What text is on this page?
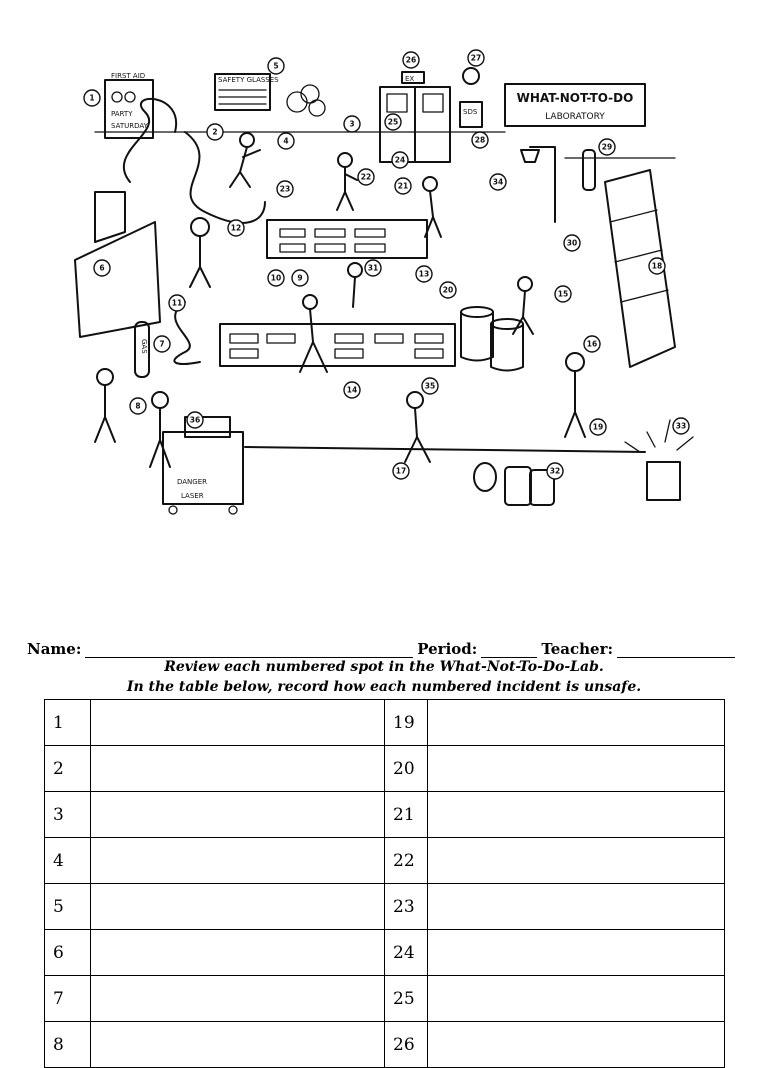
FIRST AID
PARTY
SATURDAY
SAFETY GLASSES	EX
SDS
WHAT-NOT-TO-DO
LABORATORY
GAS
DANGER
LASER
1
2
3
4
5
6
7
8
9
10
11
12
13
14
15
16
17
18
19
20
21
22
23
24
25
26	27
28
29
30
31
32
33
34
35
36
Name:	Period:	Teacher:
Review each numbered spot in the What-Not-To-Do-Lab.
In the table below, record how each numbered incident is unsafe.
1		19	
2		20	
3		21	
4		22	
5		23	
6		24	
7		25	
8		26	
